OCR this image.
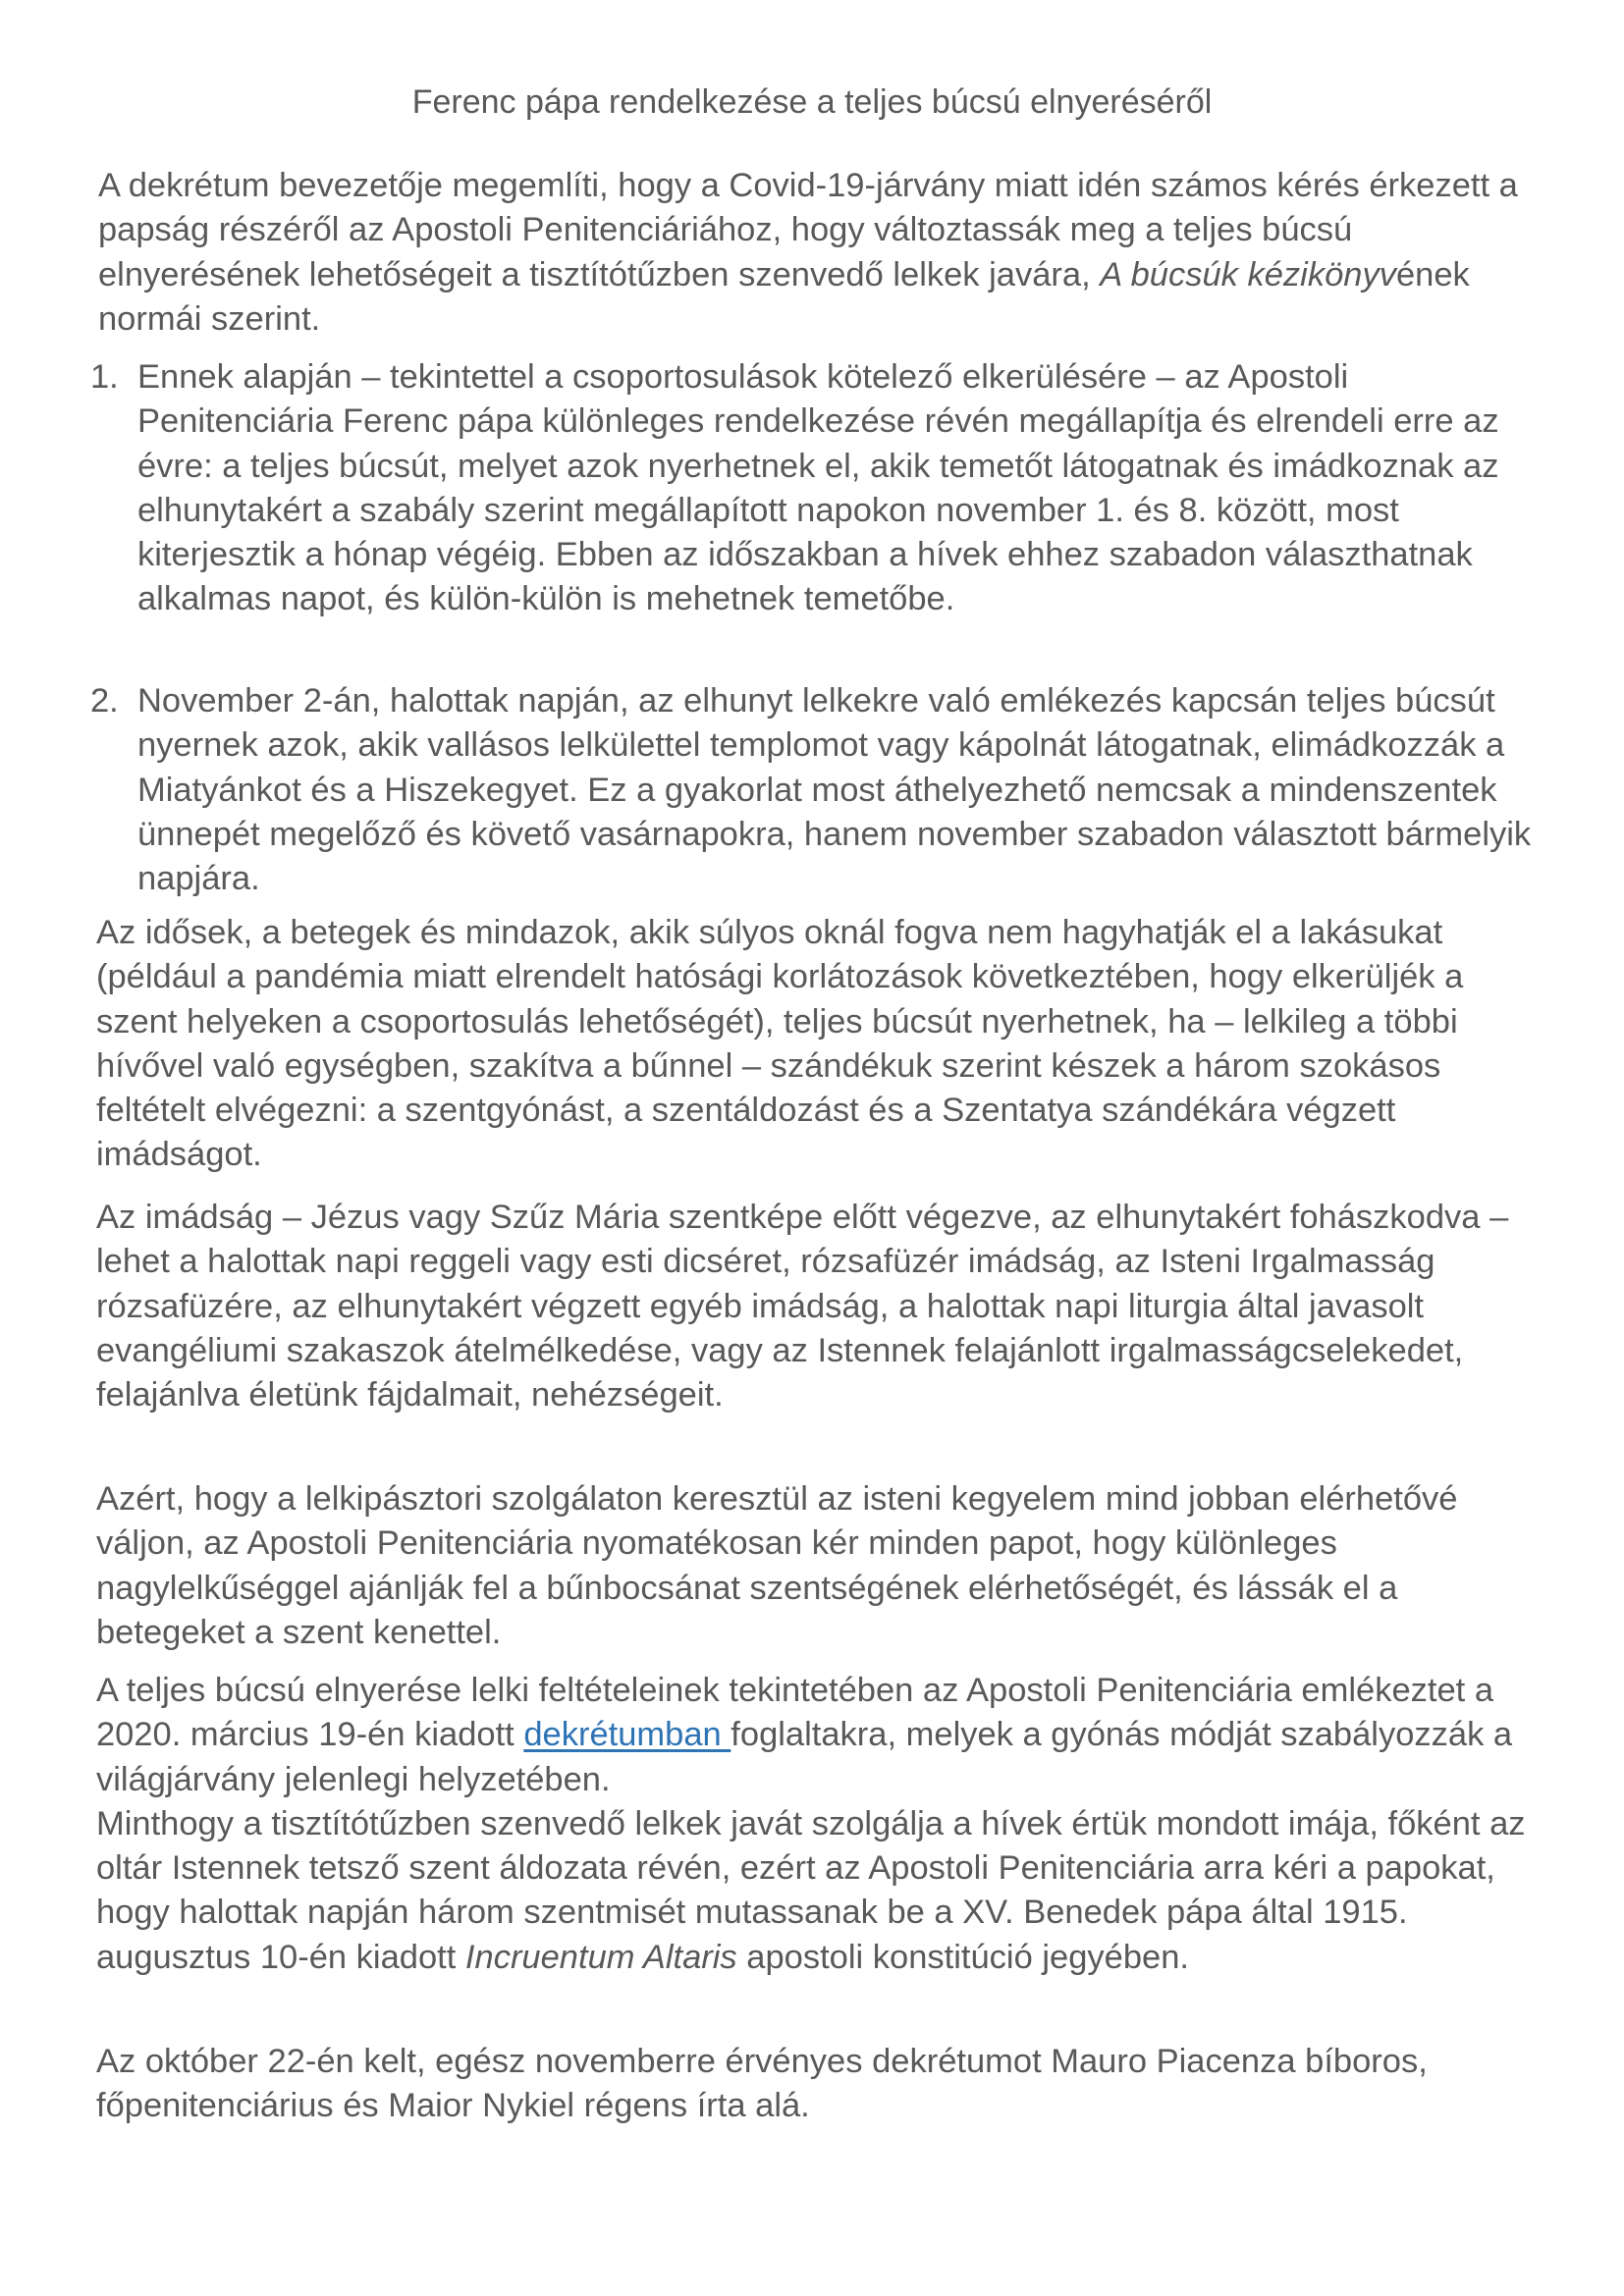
Ferenc pápa rendelkezése a teljes búcsú elnyeréséről

A dekrétum bevezetője megemlíti, hogy a Covid-19-járvány miatt idén számos kérés érkezett a papság részéről az Apostoli Penitenciáriához, hogy változtassák meg a teljes búcsú elnyerésének lehetőségeit a tisztítótűzben szenvedő lelkek javára, A búcsúk kézikönyvének normái szerint.

1. Ennek alapján – tekintettel a csoportosulások kötelező elkerülésére – az Apostoli Penitenciária Ferenc pápa különleges rendelkezése révén megállapítja és elrendeli erre az évre: a teljes búcsút, melyet azok nyerhetnek el, akik temetőt látogatnak és imádkoznak az elhunytakért a szabály szerint megállapított napokon november 1. és 8. között, most kiterjesztik a hónap végéig. Ebben az időszakban a hívek ehhez szabadon választhatnak alkalmas napot, és külön-külön is mehetnek temetőbe.
2. November 2-án, halottak napján, az elhunyt lelkekre való emlékezés kapcsán teljes búcsút nyernek azok, akik vallásos lelkülettel templomot vagy kápolnát látogatnak, elimádkozzák a Miatyánkot és a Hiszekegyet. Ez a gyakorlat most áthelyezhető nemcsak a mindenszentek ünnepét megelőző és követő vasárnapokra, hanem november szabadon választott bármelyik napjára.

Az idősek, a betegek és mindazok, akik súlyos oknál fogva nem hagyhatják el a lakásukat (például a pandémia miatt elrendelt hatósági korlátozások következtében, hogy elkerüljék a szent helyeken a csoportosulás lehetőségét), teljes búcsút nyerhetnek, ha – lelkileg a többi hívővel való egységben, szakítva a bűnnel – szándékuk szerint készek a három szokásos feltételt elvégezni: a szentgyónást, a szentáldozást és a Szentatya szándékára végzett imádságot.

Az imádság – Jézus vagy Szűz Mária szentképe előtt végezve, az elhunytakért fohászkodva – lehet a halottak napi reggeli vagy esti dicséret, rózsafüzér imádság, az Isteni Irgalmasság rózsafüzére, az elhunytakért végzett egyéb imádság, a halottak napi liturgia által javasolt evangéliumi szakaszok átelmélkedése, vagy az Istennek felajánlott irgalmasságcselekedet, felajánlva életünk fájdalmait, nehézségeit.

Azért, hogy a lelkipásztori szolgálaton keresztül az isteni kegyelem mind jobban elérhetővé váljon, az Apostoli Penitenciária nyomatékosan kér minden papot, hogy különleges nagylelkűséggel ajánlják fel a bűnbocsánat szentségének elérhetőségét, és lássák el a betegeket a szent kenettel.

A teljes búcsú elnyerése lelki feltételeinek tekintetében az Apostoli Penitenciária emlékeztet a 2020. március 19-én kiadott dekrétumban foglaltakra, melyek a gyónás módját szabályozzák a világjárvány jelenlegi helyzetében.

Minthogy a tisztítótűzben szenvedő lelkek javát szolgálja a hívek értük mondott imája, főként az oltár Istennek tetsző szent áldozata révén, ezért az Apostoli Penitenciária arra kéri a papokat, hogy halottak napján három szentmisét mutassanak be a XV. Benedek pápa által 1915. augusztus 10-én kiadott Incruentum Altaris apostoli konstitúció jegyében.

Az október 22-én kelt, egész novemberre érvényes dekrétumot Mauro Piacenza bíboros, főpenitenciárius és Maior Nykiel régens írta alá.
